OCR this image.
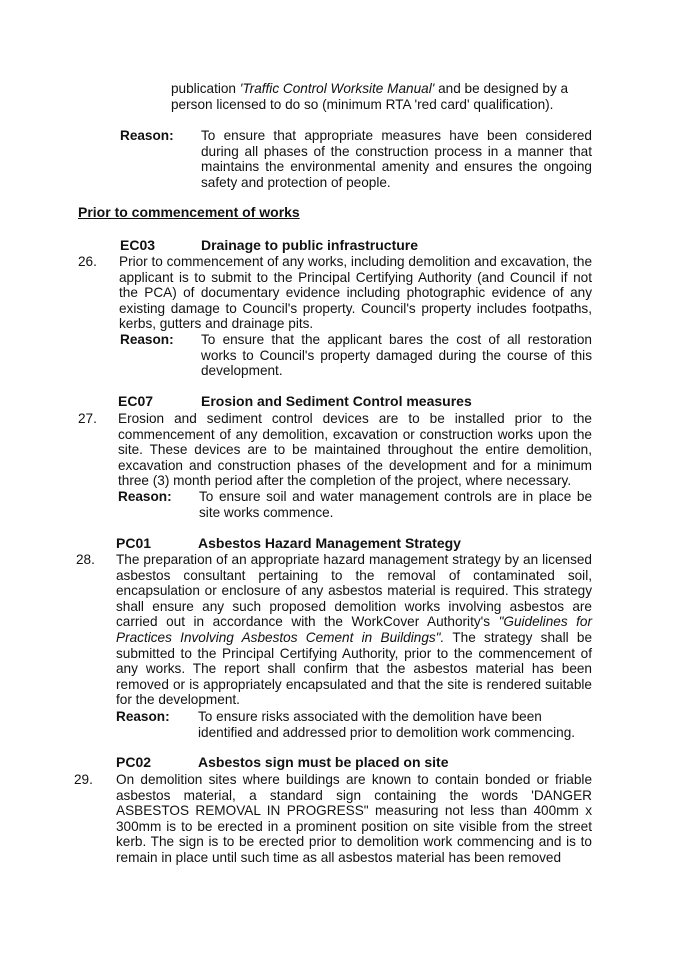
publication 'Traffic Control Worksite Manual' and be designed by a
person licensed to do so (minimum RTA 'red card' qualification).
Reason: To ensure that appropriate measures have been considered during all phases of the construction process in a manner that maintains the environmental amenity and ensures the ongoing safety and protection of people.
Prior to commencement of works
EC03	Drainage to public infrastructure
26. Prior to commencement of any works, including demolition and excavation, the applicant is to submit to the Principal Certifying Authority (and Council if not the PCA) of documentary evidence including photographic evidence of any existing damage to Council's property. Council's property includes footpaths, kerbs, gutters and drainage pits.
Reason: To ensure that the applicant bares the cost of all restoration works to Council's property damaged during the course of this development.
EC07	Erosion and Sediment Control measures
27. Erosion and sediment control devices are to be installed prior to the commencement of any demolition, excavation or construction works upon the site. These devices are to be maintained throughout the entire demolition, excavation and construction phases of the development and for a minimum three (3) month period after the completion of the project, where necessary.
Reason: To ensure soil and water management controls are in place be site works commence.
PC01	Asbestos Hazard Management Strategy
28. The preparation of an appropriate hazard management strategy by an licensed asbestos consultant pertaining to the removal of contaminated soil, encapsulation or enclosure of any asbestos material is required. This strategy shall ensure any such proposed demolition works involving asbestos are carried out in accordance with the WorkCover Authority's "Guidelines for Practices Involving Asbestos Cement in Buildings". The strategy shall be submitted to the Principal Certifying Authority, prior to the commencement of any works. The report shall confirm that the asbestos material has been removed or is appropriately encapsulated and that the site is rendered suitable for the development.
Reason: To ensure risks associated with the demolition have been identified and addressed prior to demolition work commencing.
PC02	Asbestos sign must be placed on site
29. On demolition sites where buildings are known to contain bonded or friable asbestos material, a standard sign containing the words 'DANGER ASBESTOS REMOVAL IN PROGRESS" measuring not less than 400mm x 300mm is to be erected in a prominent position on site visible from the street kerb. The sign is to be erected prior to demolition work commencing and is to remain in place until such time as all asbestos material has been removed
